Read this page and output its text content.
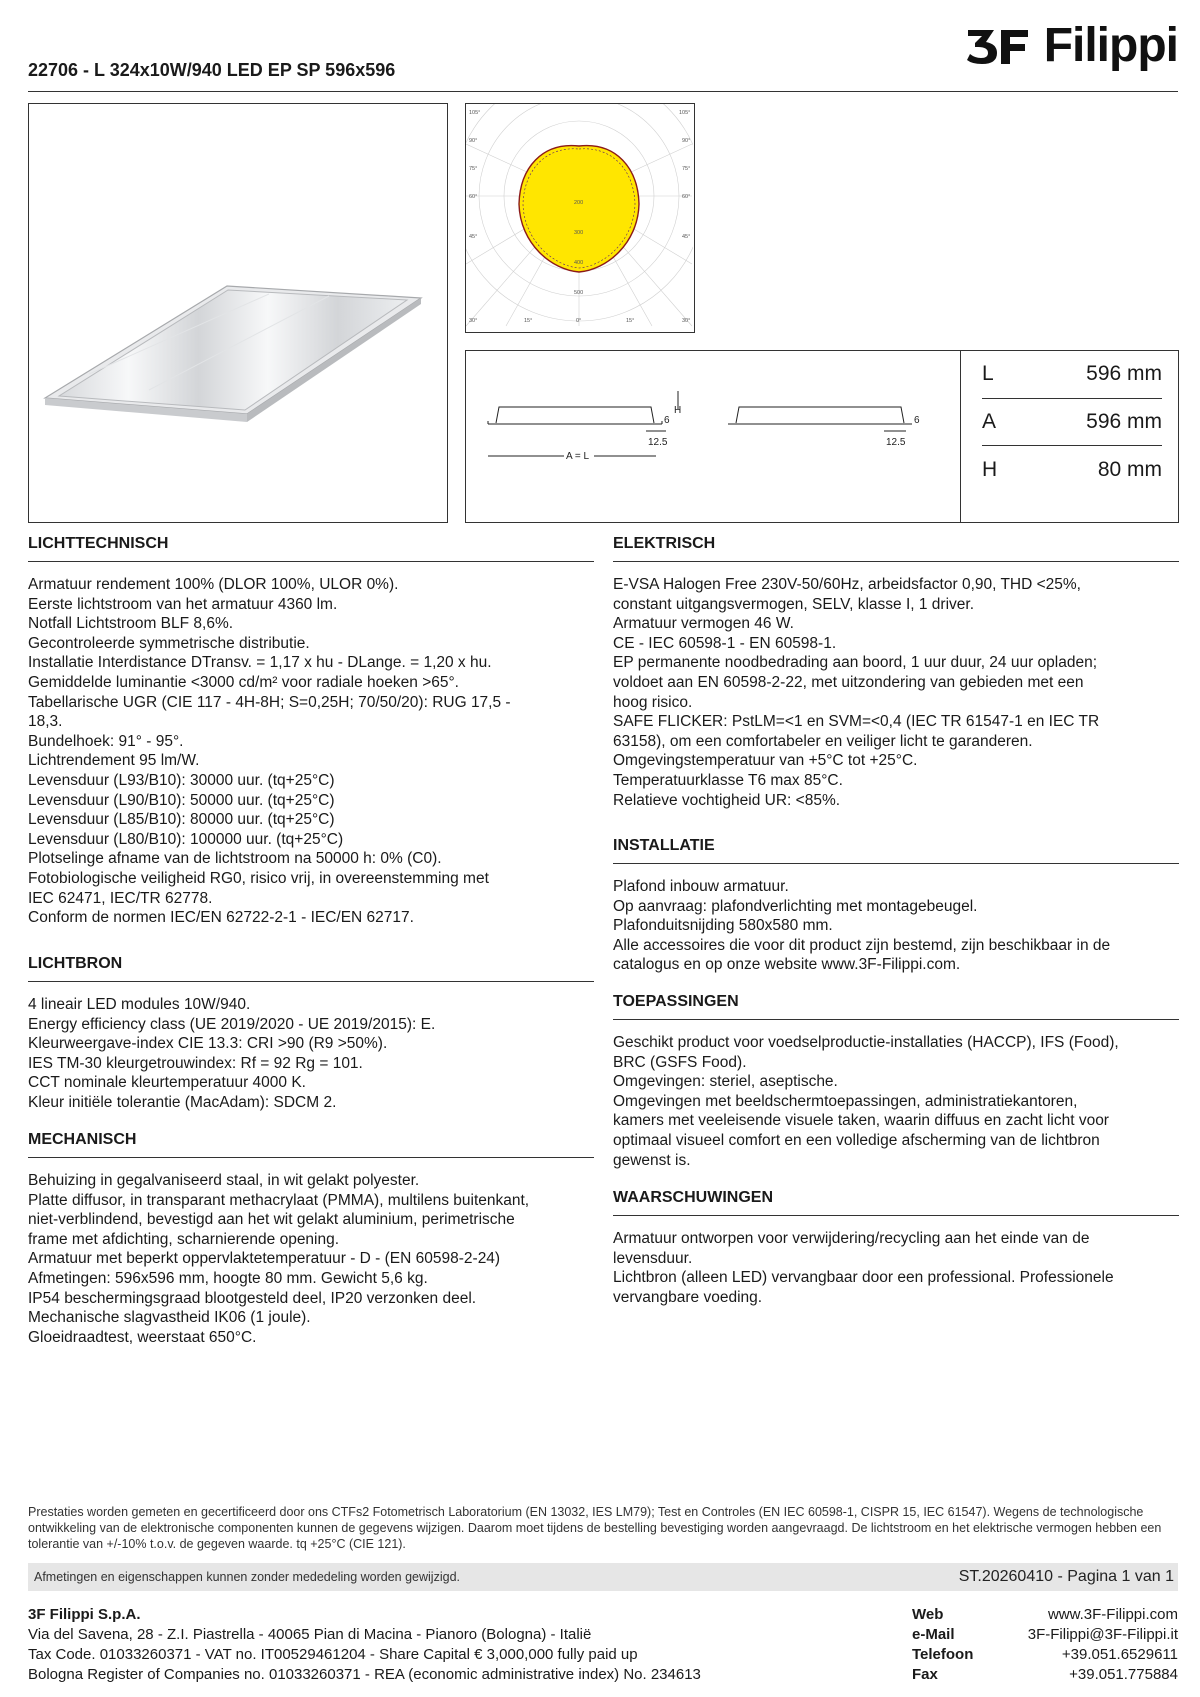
22706 - L 324x10W/940 LED EP SP 596x596	Filippi
105°
90°
75°
60°
45°
30°
105°
90°
75°
60°
45°
30°
15°	0°	15°
200
300
400
500
6
H
12.5
A = L
6
12.5
L	596 mm
A	596 mm
H	80 mm
LICHTTECHNISCH

Armatuur rendement 100% (DLOR 100%, ULOR 0%).

Eerste lichtstroom van het armatuur 4360 lm.

Notfall Lichtstroom BLF 8,6%.

Gecontroleerde symmetrische distributie.

Installatie Interdistance DTransv. = 1,17 x hu - DLange. = 1,20 x hu.

Gemiddelde luminantie <3000 cd/m² voor radiale hoeken >65°.

Tabellarische UGR (CIE 117 - 4H-8H; S=0,25H; 70/50/20): RUG 17,5 -

18,3.

Bundelhoek: 91° - 95°.

Lichtrendement 95 lm/W.

Levensduur (L93/B10): 30000 uur. (tq+25°C)

Levensduur (L90/B10): 50000 uur. (tq+25°C)

Levensduur (L85/B10): 80000 uur. (tq+25°C)

Levensduur (L80/B10): 100000 uur. (tq+25°C)

Plotselinge afname van de lichtstroom na 50000 h: 0% (C0).

Fotobiologische veiligheid RG0, risico vrij, in overeenstemming met

IEC 62471, IEC/TR 62778.

Conform de normen IEC/EN 62722-2-1 - IEC/EN 62717.

LICHTBRON

4 lineair LED modules 10W/940.

Energy efficiency class (UE 2019/2020 - UE 2019/2015): E.

Kleurweergave-index CIE 13.3: CRI >90 (R9 >50%).

IES TM-30 kleurgetrouwindex: Rf = 92 Rg = 101.

CCT nominale kleurtemperatuur 4000 K.

Kleur initiële tolerantie (MacAdam): SDCM 2.

MECHANISCH

Behuizing in gegalvaniseerd staal, in wit gelakt polyester.

Platte diffusor, in transparant methacrylaat (PMMA), multilens buitenkant,

niet-verblindend, bevestigd aan het wit gelakt aluminium, perimetrische

frame met afdichting, scharnierende opening.

Armatuur met beperkt oppervlaktetemperatuur - D - (EN 60598-2-24)

Afmetingen: 596x596 mm, hoogte 80 mm. Gewicht 5,6 kg.

IP54 beschermingsgraad blootgesteld deel, IP20 verzonken deel.

Mechanische slagvastheid IK06 (1 joule).

Gloeidraadtest, weerstaat 650°C.

ELEKTRISCH

E-VSA Halogen Free 230V-50/60Hz, arbeidsfactor 0,90, THD <25%,

constant uitgangsvermogen, SELV, klasse I, 1 driver.

Armatuur vermogen 46 W.

CE - IEC 60598-1 - EN 60598-1.

EP permanente noodbedrading aan boord, 1 uur duur, 24 uur opladen;

voldoet aan EN 60598-2-22, met uitzondering van gebieden met een

hoog risico.

SAFE FLICKER: PstLM=<1 en SVM=<0,4 (IEC TR 61547-1 en IEC TR

63158), om een comfortabeler en veiliger licht te garanderen.

Omgevingstemperatuur van +5°C tot +25°C.

Temperatuurklasse T6 max 85°C.

Relatieve vochtigheid UR: <85%.

INSTALLATIE

Plafond inbouw armatuur.

Op aanvraag: plafondverlichting met montagebeugel.

Plafonduitsnijding 580x580 mm.

Alle accessoires die voor dit product zijn bestemd, zijn beschikbaar in de

catalogus en op onze website www.3F-Filippi.com.

TOEPASSINGEN

Geschikt product voor voedselproductie-installaties (HACCP), IFS (Food),

BRC (GSFS Food).

Omgevingen: steriel, aseptische.

Omgevingen met beeldschermtoepassingen, administratiekantoren,

kamers met veeleisende visuele taken, waarin diffuus en zacht licht voor

optimaal visueel comfort en een volledige afscherming van de lichtbron

gewenst is.

WAARSCHUWINGEN

Armatuur ontworpen voor verwijdering/recycling aan het einde van de

levensduur.

Lichtbron (alleen LED) vervangbaar door een professional. Professionele

vervangbare voeding.

Prestaties worden gemeten en gecertificeerd door ons CTFs2 Fotometrisch Laboratorium (EN 13032, IES LM79); Test en Controles (EN IEC 60598-1, CISPR 15, IEC 61547). Wegens de technologische ontwikkeling van de elektronische componenten kunnen de gegevens wijzigen. Daarom moet tijdens de bestelling bevestiging worden aangevraagd. De lichtstroom en het elektrische vermogen hebben een tolerantie van +/-10% t.o.v. de gegeven waarde. tq +25°C (CIE 121).
Afmetingen en eigenschappen kunnen zonder mededeling worden gewijzigd.	ST.20260410 - Pagina 1 van 1
3F Filippi S.p.A.
Via del Savena, 28 - Z.I. Piastrella - 40065 Pian di Macina - Pianoro (Bologna) - Italië
Tax Code. 01033260371 - VAT no. IT00529461204 - Share Capital € 3,000,000 fully paid up
Bologna Register of Companies no. 01033260371 - REA (economic administrative index) No. 234613
Web	www.3F-Filippi.com
e-Mail	3F-Filippi@3F-Filippi.it
Telefoon	+39.051.6529611
Fax	+39.051.775884
